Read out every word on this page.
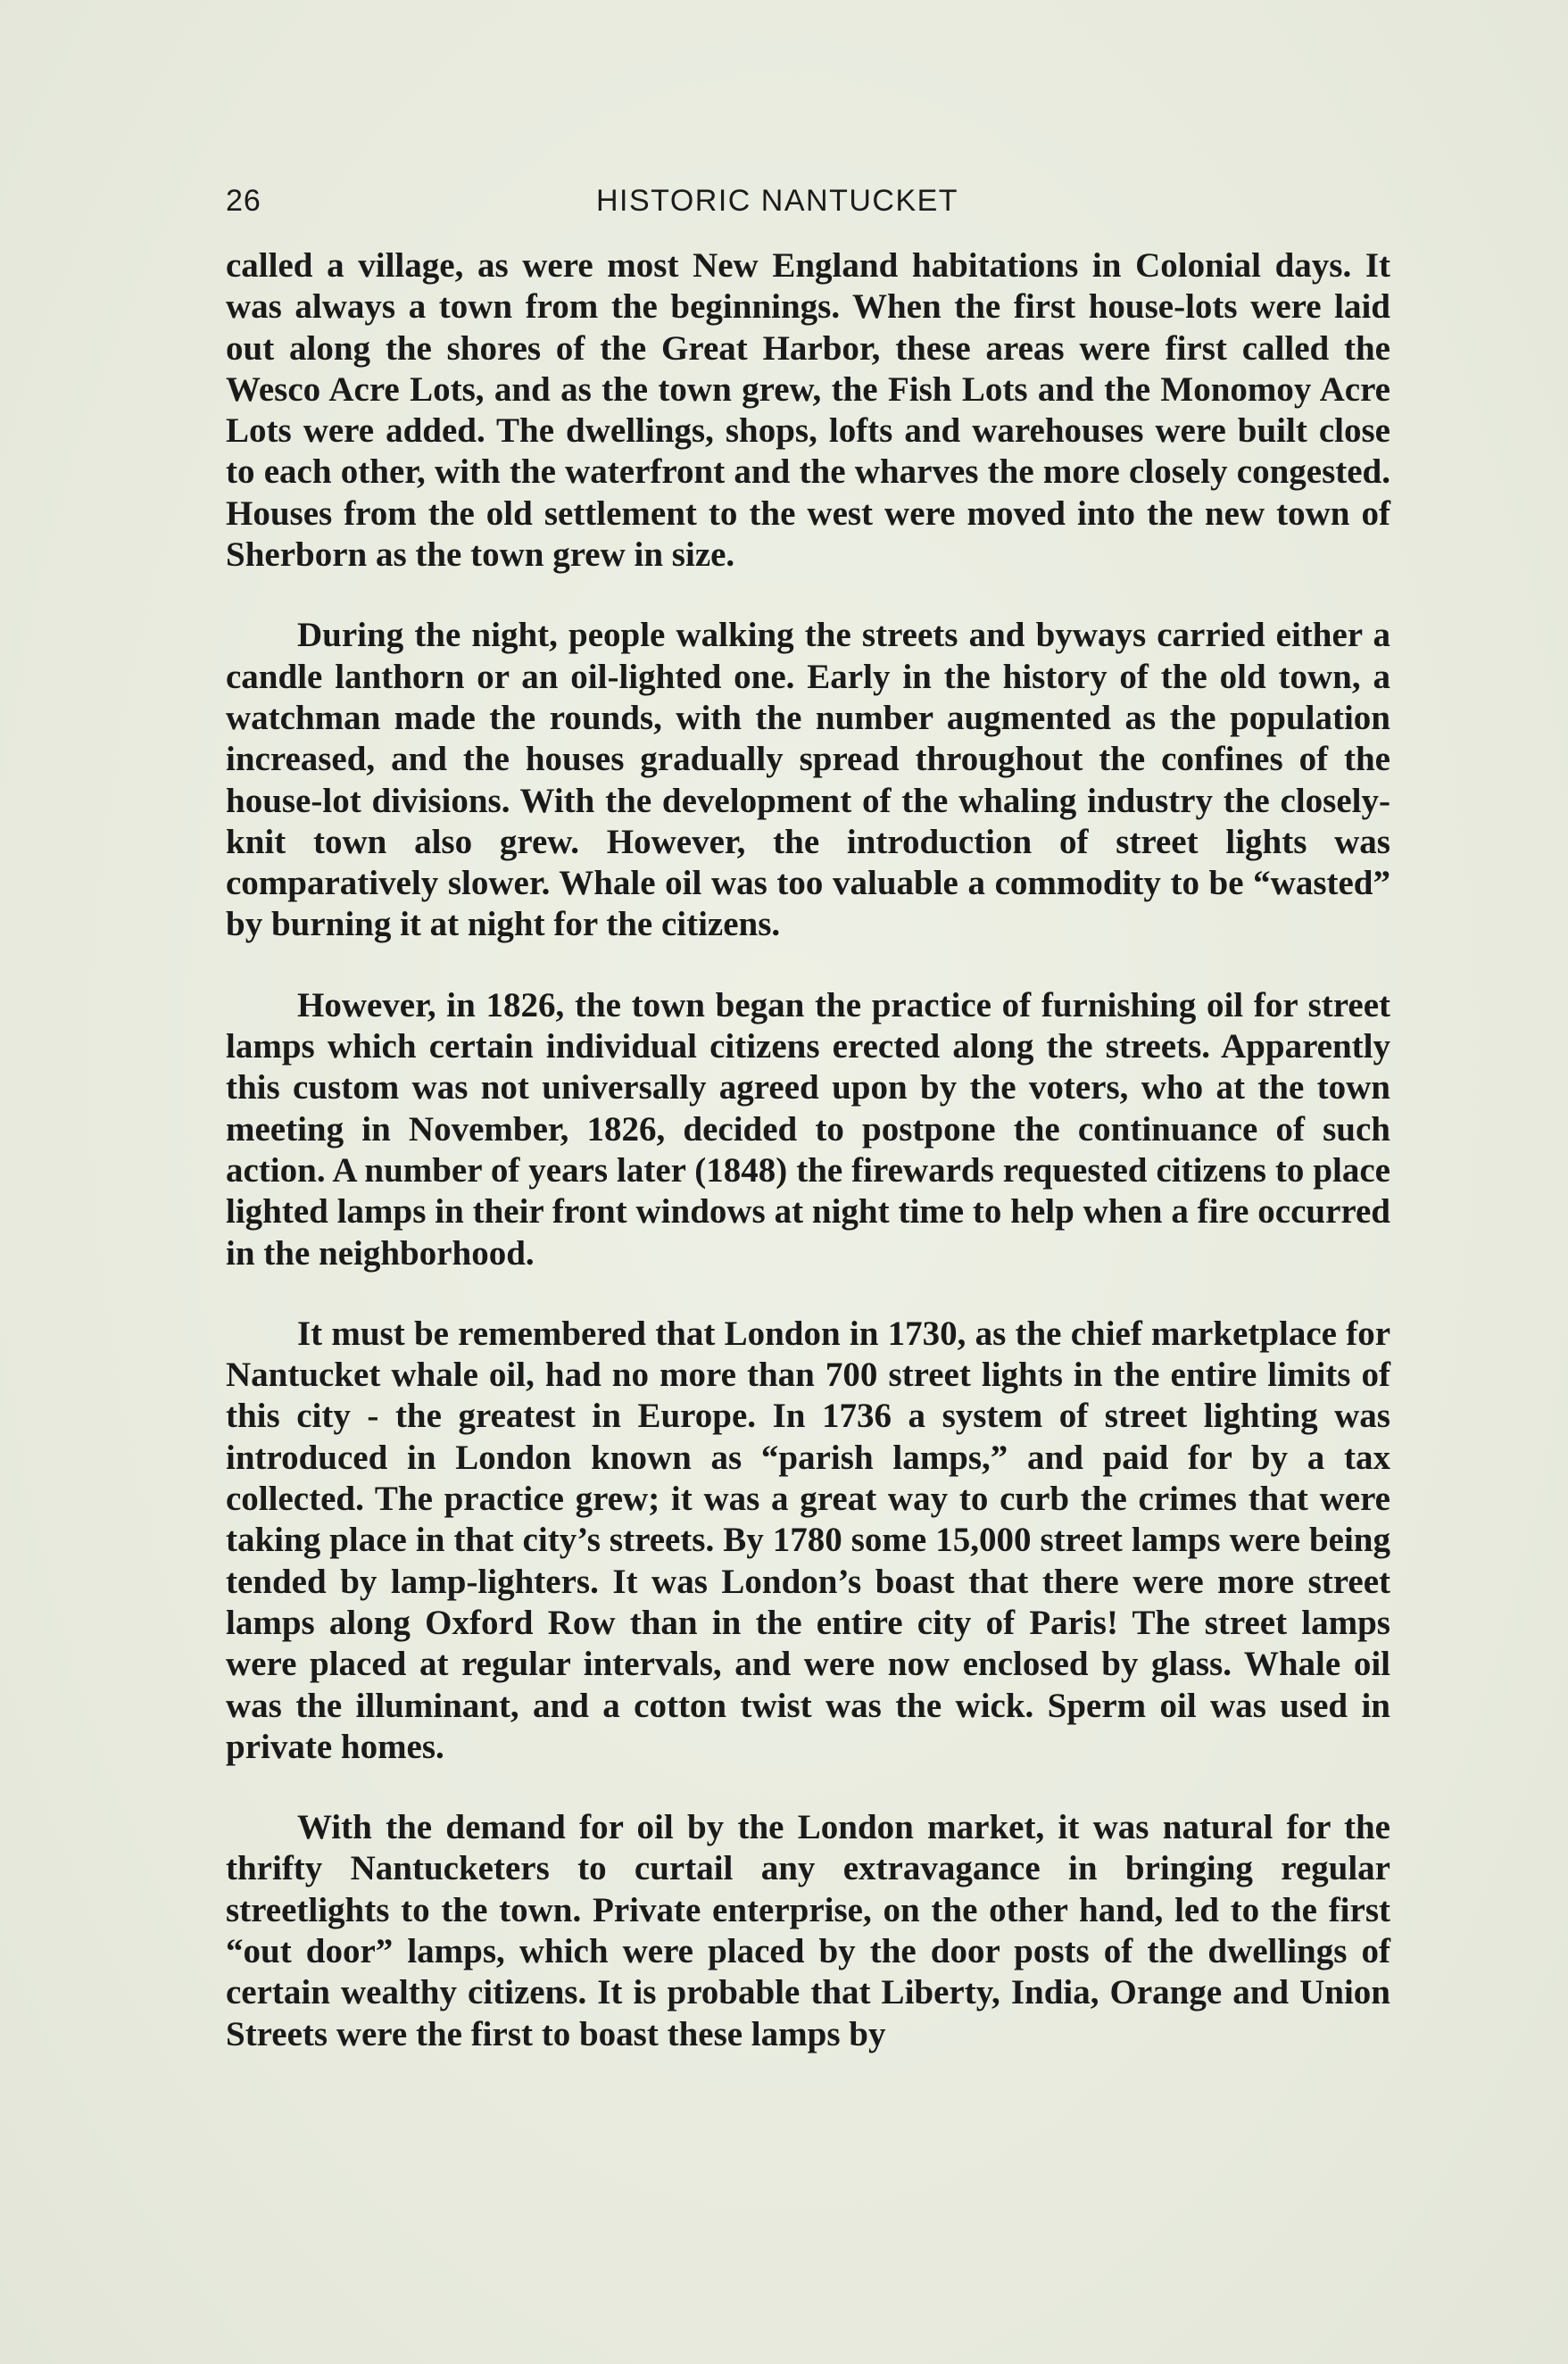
26	HISTORIC NANTUCKET

called a village, as were most New England habitations in Colonial days. It was always a town from the beginnings. When the first house-lots were laid out along the shores of the Great Harbor, these areas were first called the Wesco Acre Lots, and as the town grew, the Fish Lots and the Monomoy Acre Lots were added. The dwellings, shops, lofts and warehouses were built close to each other, with the waterfront and the wharves the more closely congested. Houses from the old settlement to the west were moved into the new town of Sherborn as the town grew in size.

During the night, people walking the streets and byways carried either a candle lanthorn or an oil-lighted one. Early in the history of the old town, a watchman made the rounds, with the number augmented as the population increased, and the houses gradually spread throughout the confines of the house-lot divisions. With the development of the whaling industry the closely-knit town also grew. However, the introduction of street lights was comparatively slower. Whale oil was too valuable a commodity to be “wasted” by burning it at night for the citizens.

However, in 1826, the town began the practice of furnishing oil for street lamps which certain individual citizens erected along the streets. Apparently this custom was not universally agreed upon by the voters, who at the town meeting in November, 1826, decided to postpone the continuance of such action. A number of years later (1848) the firewards requested citizens to place lighted lamps in their front windows at night time to help when a fire occurred in the neighborhood.

It must be remembered that London in 1730, as the chief marketplace for Nantucket whale oil, had no more than 700 street lights in the entire limits of this city - the greatest in Europe. In 1736 a system of street lighting was introduced in London known as “parish lamps,” and paid for by a tax collected. The practice grew; it was a great way to curb the crimes that were taking place in that city’s streets. By 1780 some 15,000 street lamps were being tended by lamp-lighters. It was London’s boast that there were more street lamps along Oxford Row than in the entire city of Paris! The street lamps were placed at regular intervals, and were now enclosed by glass. Whale oil was the illuminant, and a cotton twist was the wick. Sperm oil was used in private homes.

With the demand for oil by the London market, it was natural for the thrifty Nantucketers to curtail any extravagance in bringing regular streetlights to the town. Private enterprise, on the other hand, led to the first “out door” lamps, which were placed by the door posts of the dwellings of certain wealthy citizens. It is probable that Liberty, India, Orange and Union Streets were the first to boast these lamps by
